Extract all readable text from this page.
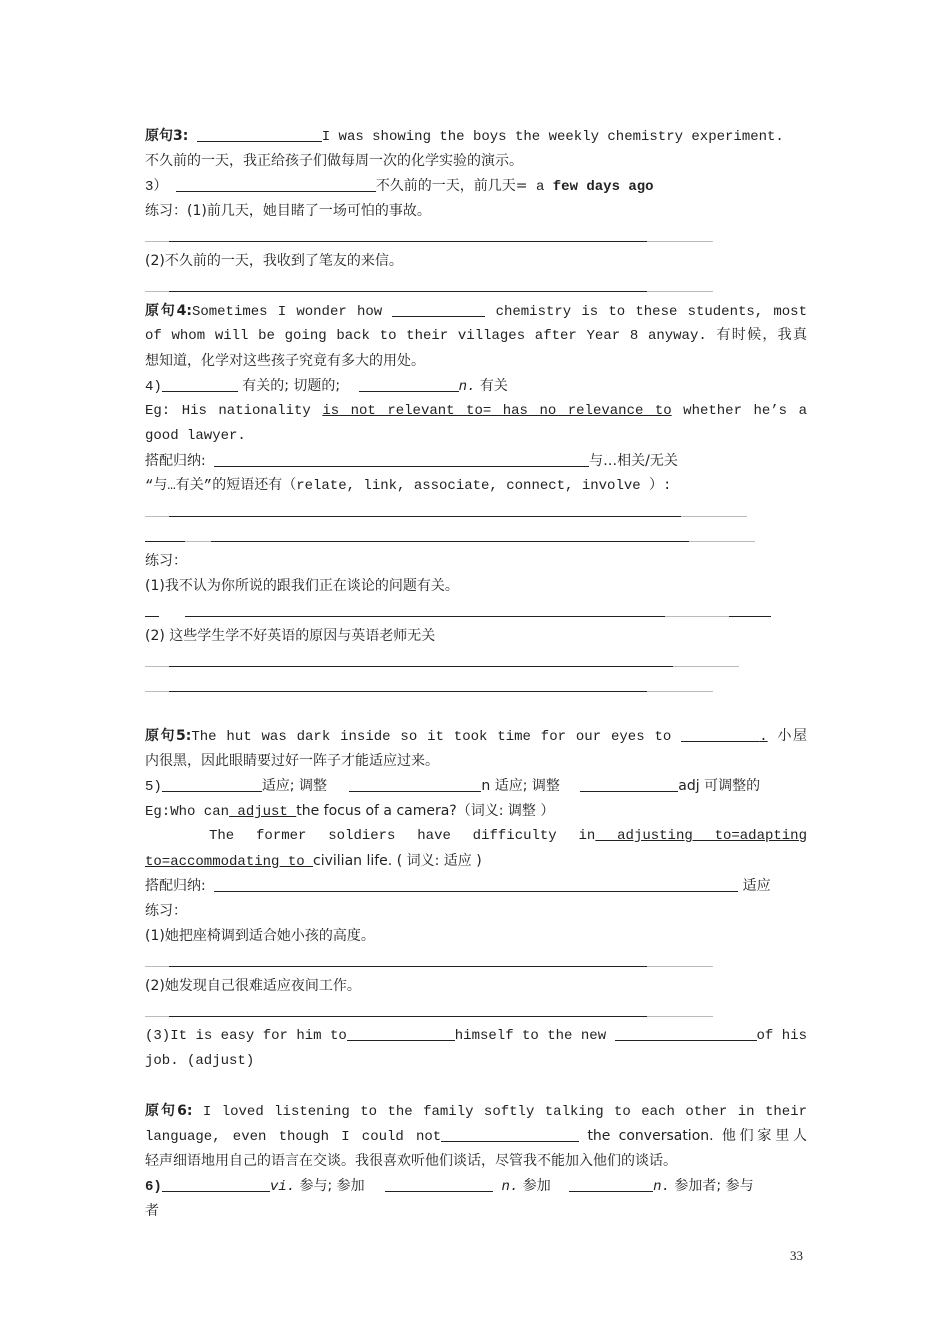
原句3:	I was showing the boys the weekly chemistry experiment.
不久前的一天，我正给孩子们做每周一次的化学实验的演示。
3）	不久前的一天，前几天= a few days ago
练习：(1)前几天，她目睹了一场可怕的事故。
(2)不久前的一天，我收到了笔友的来信。
原句4:Sometimes I wonder how	chemistry is to these students, most
of whom will be going back to their villages after Year 8 anyway. 有时候，我真
想知道，化学对这些孩子究竟有多大的用处。
4)	有关的; 切题的;	n. 有关
Eg: His nationality is not relevant to= has no relevance to whether he’s a
good lawyer.
搭配归纳:	与…相关/无关
“与…有关”的短语还有（relate, link, associate, connect, involve ）:
练习：
(1)我不认为你所说的跟我们正在谈论的问题有关。
(2) 这些学生学不好英语的原因与英语老师无关
原句5:The hut was dark inside so it took time for our eyes to	. 小屋
内很黑，因此眼睛要过好一阵子才能适应过来。
5)	适应; 调整	n 适应; 调整	adj 可调整的
Eg:Who can adjust the focus of a camera?（词义: 调整 ）
The former soldiers have difficulty in adjusting to=adapting
to=accommodating to civilian life. ( 词义: 适应 )
搭配归纳:	适应
练习：
(1)她把座椅调到适合她小孩的高度。
(2)她发现自己很难适应夜间工作。
(3)It is easy for him to	himself to the new	of his
job. (adjust)
原句6: I loved listening to the family softly talking to each other in their
language, even though I could not	the conversation. 他们家里人
轻声细语地用自己的语言在交谈。我很喜欢听他们谈话，尽管我不能加入他们的谈话。
6)	vi. 参与; 参加	n. 参加	n. 参加者; 参与
者
33
